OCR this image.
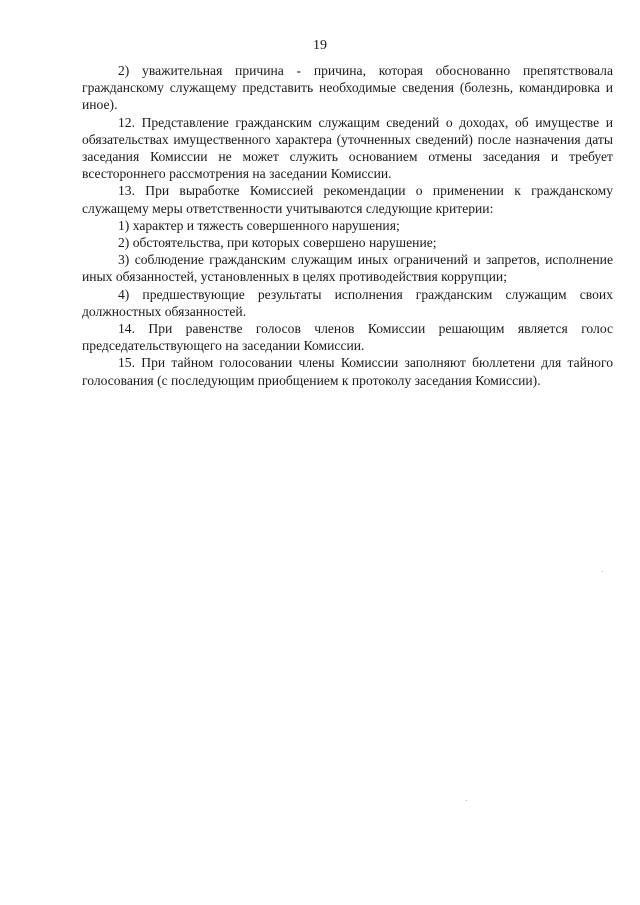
19

2) уважительная причина - причина, которая обоснованно препятствовала гражданскому служащему представить необходимые сведения (болезнь, командировка и иное).

12. Представление гражданским служащим сведений о доходах, об имуществе и обязательствах имущественного характера (уточненных сведений) после назначения даты заседания Комиссии не может служить основанием отмены заседания и требует всестороннего рассмотрения на заседании Комиссии.

13. При выработке Комиссией рекомендации о применении к гражданскому служащему меры ответственности учитываются следующие критерии:

1) характер и тяжесть совершенного нарушения;

2) обстоятельства, при которых совершено нарушение;

3) соблюдение гражданским служащим иных ограничений и запретов, исполнение иных обязанностей, установленных в целях противодействия коррупции;

4) предшествующие результаты исполнения гражданским служащим своих должностных обязанностей.

14. При равенстве голосов членов Комиссии решающим является голос председательствующего на заседании Комиссии.

15. При тайном голосовании члены Комиссии заполняют бюллетени для тайного голосования (с последующим приобщением к протоколу заседания Комиссии).
